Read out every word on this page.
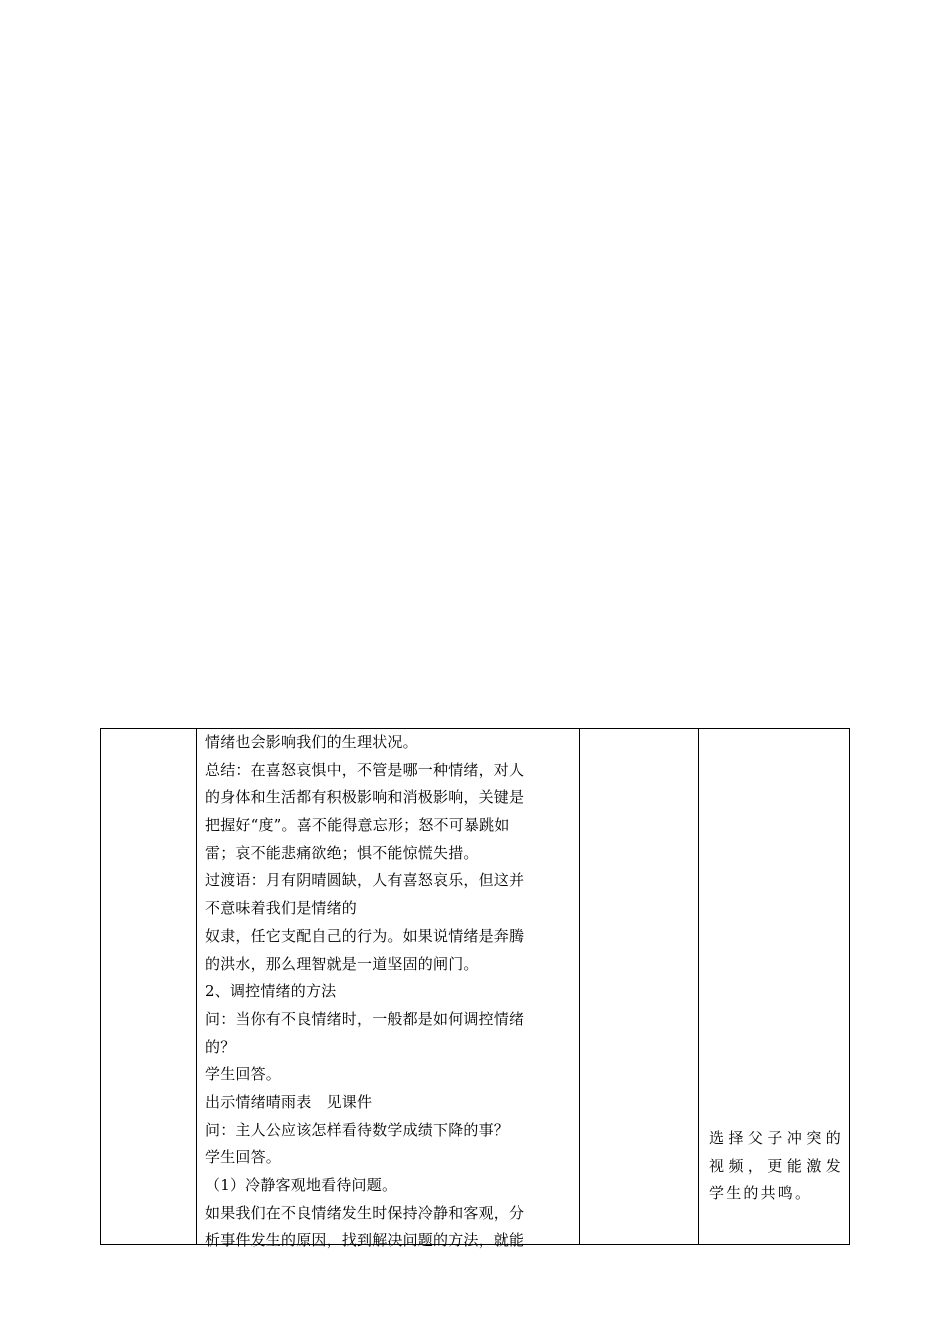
情绪也会影响我们的生理状况。
总结：在喜怒哀惧中，不管是哪一种情绪，对人
的身体和生活都有积极影响和消极影响，关键是
把握好“度”。喜不能得意忘形；怒不可暴跳如
雷；哀不能悲痛欲绝；惧不能惊慌失措。
过渡语：月有阴晴圆缺，人有喜怒哀乐，但这并
不意味着我们是情绪的
奴隶，任它支配自己的行为。如果说情绪是奔腾
的洪水，那么理智就是一道坚固的闸门。
2、调控情绪的方法
问：当你有不良情绪时，一般都是如何调控情绪
的？
学生回答。
出示情绪晴雨表　见课件
问：主人公应该怎样看待数学成绩下降的事？
学生回答。
（1）冷静客观地看待问题。
如果我们在不良情绪发生时保持冷静和客观，分
析事件发生的原因，找到解决问题的方法，就能
选择父子冲突的视频，更能激发学生的共鸣。
